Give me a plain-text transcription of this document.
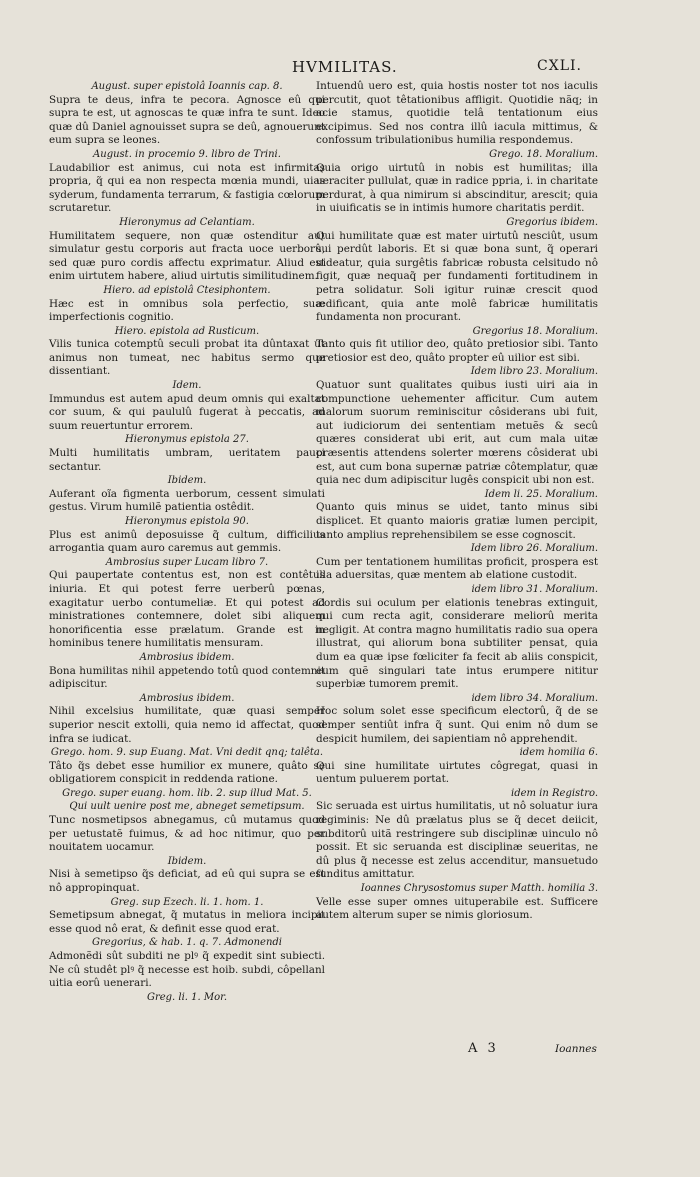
HVMILITAS.	CXLI.
August. super epistolâ Ioannis cap. 8.

Supra te deus, infra te pecora. Agnosce eû qui supra te est, ut agnoscas te quæ infra te sunt. Ideo quæ dû Daniel agnouisset supra se deû, agnouerunt eum supra se leones.

August. in procemio 9. libro de Trini.

Laudabilior est animus, cui nota est infirmitas propria, q̃ qui ea non respecta mœnia mundi, uias syderum, fundamenta terrarum, & fastigia cœlorum scrutaretur.

Hieronymus ad Celantiam.

Humilitatem sequere, non quæ ostenditur aut simulatur gestu corporis aut fracta uoce uerborû, sed quæ puro cordis affectu exprimatur. Aliud est enim uirtutem habere, aliud uirtutis similitudinem.

Hiero. ad epistolâ Ctesiphontem.

Hæc est in omnibus sola perfectio, suæ imperfectionis cognitio.

Hiero. epistola ad Rusticum.

Vilis tunica cotemptû seculi probat ita dûntaxat ut animus non tumeat, nec habitus sermo que dissentiant.

Idem.

Immundus est autem apud deum omnis qui exaltat cor suum, & qui paululû fugerat à peccatis, ad suum reuertuntur errorem.

Hieronymus epistola 27.

Multi humilitatis umbram, ueritatem pauci sectantur.

Ibidem.

Auferant oĩa figmenta uerborum, cessent simulati gestus. Virum humilẽ patientia ostêdit.

Hieronymus epistola 90.

Plus est animû deposuisse q̃ cultum, difficilius arrogantia quam auro caremus aut gemmis.

Ambrosius super Lucam libro 7.

Qui paupertate contentus est, non est contêtus iniuria. Et qui potest ferre uerberû pœnas, exagitatur uerbo contumeliæ. Et qui potest ad ministrationes contemnere, dolet sibi aliquem honorificentia esse prælatum. Grande est in hominibus tenere humilitatis mensuram.

Ambrosius ibidem.

Bona humilitas nihil appetendo totû quod contemnit adipiscitur.

Ambrosius ibidem.

Nihil excelsius humilitate, quæ quasi semper superior nescit extolli, quia nemo id affectat, quod infra se iudicat.

Grego. hom. 9. sup Euang. Mat. Vni dedit qnq; talêta.

Tâto q̃s debet esse humilior ex munere, quâto se obligatiorem conspicit in reddenda ratione.

Grego. super euang. hom. lib. 2. sup illud Mat. 5.
Qui uult uenire post me, abneget semetipsum.

Tunc nosmetipsos abnegamus, cû mutamus quod per uetustatẽ fuimus, & ad hoc nitimur, quo per nouitatem uocamur.

Ibidem.

Nisi à semetipso q̃s deficiat, ad eû qui supra se est nô appropinquat.

Greg. sup Ezech. li. 1. hom. 1.

Semetipsum abnegat, q̃ mutatus in meliora incipit esse quod nô erat, & definit esse quod erat.

Gregorius, & hab. 1. q. 7. Admonendi

Admonẽdi sût subditi ne plꝰ q̃ expedit sint subiecti. Ne cû studêt plꝰ q̃ necesse est hoib. subdi, côpellanl uitia eorû uenerari.

Greg. li. 1. Mor.

Intuendû uero est, quia hostis noster tot nos iaculis percutit, quot têtationibus affligit. Quotidie nãq; in acie stamus, quotidie telâ tentationum eius excipimus. Sed nos contra illû iacula mittimus, & confossum tribulationibus humilia respondemus.

Grego. 18. Moralium.

Quia origo uirtutû in nobis est humilitas; illa ueraciter pullulat, quæ in radice ppria, i. in charitate perdurat, à qua nimirum si abscinditur, arescit; quia in uiuificatis se in intimis humore charitatis perdit.

Gregorius ibidem.

Qui humilitate quæ est mater uirtutû nesciût, usum sui perdût laboris. Et si quæ bona sunt, q̃ operari uideatur, quia surgêtis fabricæ robusta celsitudo nô figit, quæ nequaq̃ per fundamenti fortitudinem in petra solidatur. Soli igitur ruinæ crescit quod ædificant, quia ante molê fabricæ humilitatis fundamenta non procurant.

Gregorius 18. Moralium.

Tanto quis fit utilior deo, quâto pretiosior sibi. Tanto pretiosior est deo, quâto propter eû uilior est sibi.

Idem libro 23. Moralium.

Quatuor sunt qualitates quibus iusti uiri aia in compunctione uehementer afficitur. Cum autem malorum suorum reminiscitur côsiderans ubi fuit, aut iudiciorum dei sententiam metuẽs & secû quæres considerat ubi erit, aut cum mala uitæ præsentis attendens solerter mœrens côsiderat ubi est, aut cum bona supernæ patriæ côtemplatur, quæ quia nec dum adipiscitur lugês conspicit ubi non est.

Idem li. 25. Moralium.

Quanto quis minus se uidet, tanto minus sibi displicet. Et quanto maioris gratiæ lumen percipit, tanto amplius reprehensibilem se esse cognoscit.

Idem libro 26. Moralium.

Cum per tentationem humilitas proficit, prospera est illa aduersitas, quæ mentem ab elatione custodit.

idem libro 31. Moralium.

Cordis sui oculum per elationis tenebras extinguit, qui cum recta agit, considerare meliorû merita negligit. At contra magno humilitatis radio sua opera illustrat, qui aliorum bona subtiliter pensat, quia dum ea quæ ipse fœliciter fa fecit ab aliis conspicit, eum quẽ singulari tate intus erumpere nititur superbiæ tumorem premit.

idem libro 34. Moralium.

Hoc solum solet esse specificum electorû, q̃ de se semper sentiût infra q̃ sunt. Qui enim nô dum se despicit humilem, dei sapientiam nô apprehendit.

idem homilia 6.

Qui sine humilitate uirtutes côgregat, quasi in uentum puluerem portat.

idem in Registro.

Sic seruada est uirtus humilitatis, ut nô soluatur iura regiminis: Ne dû prælatus plus se q̃ decet deiicit, subditorû uitã restringere sub disciplinæ uinculo nô possit. Et sic seruanda est disciplinæ seueritas, ne dû plus q̃ necesse est zelus accenditur, mansuetudo funditus amittatur.

Ioannes Chrysostomus super Matth. homilia 3.

Velle esse super omnes uituperabile est. Sufficere autem alterum super se nimis gloriosum.

A 3	Ioannes
